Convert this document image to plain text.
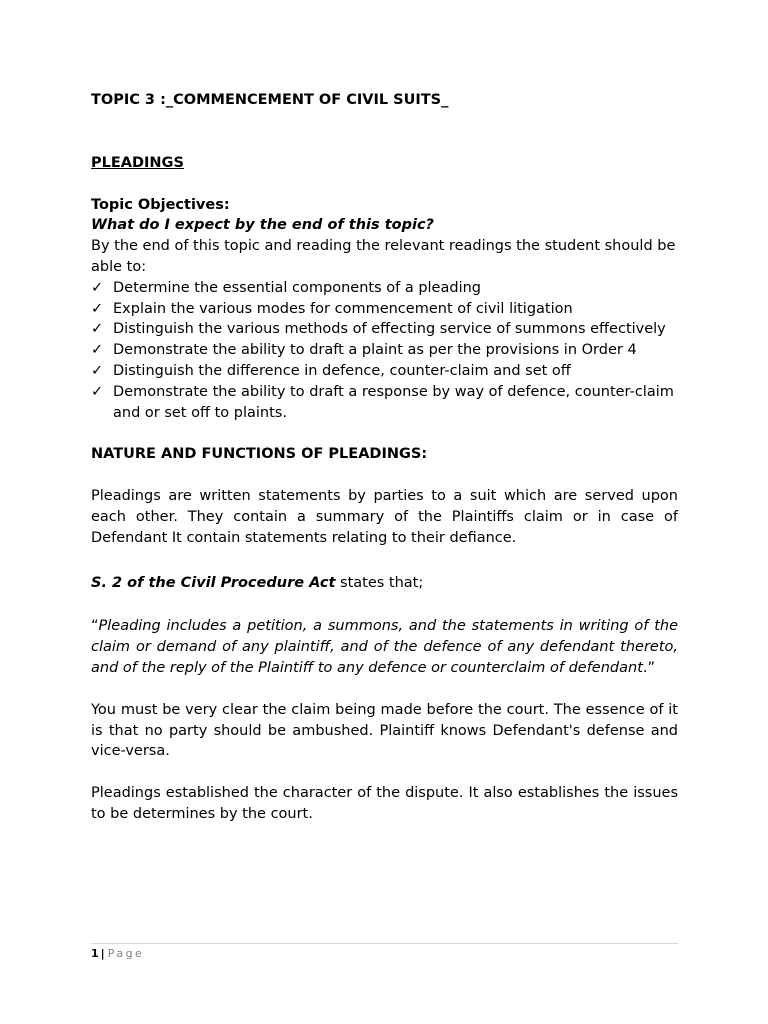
TOPIC 3 :_COMMENCEMENT OF CIVIL SUITS_

PLEADINGS

Topic Objectives:

What do I expect by the end of this topic?

By the end of this topic and reading the relevant readings the student should be able to:

✓ Determine the essential components of a pleading
✓ Explain the various modes for commencement of civil litigation
✓ Distinguish the various methods of effecting service of summons effectively
✓ Demonstrate the ability to draft a plaint as per the provisions in Order 4
✓ Distinguish the difference in defence, counter-claim and set off
✓ Demonstrate the ability to draft a response by way of defence, counter-claim and or set off to plaints.

NATURE AND FUNCTIONS OF PLEADINGS:

Pleadings are written statements by parties to a suit which are served upon each other. They contain a summary of the Plaintiffs claim or in case of Defendant It contain statements relating to their defiance.

S. 2 of the Civil Procedure Act states that;

“Pleading includes a petition, a summons, and the statements in writing of the claim or demand of any plaintiff, and of the defence of any defendant thereto, and of the reply of the Plaintiff to any defence or counterclaim of defendant.”

You must be very clear the claim being made before the court. The essence of it is that no party should be ambushed. Plaintiff knows Defendant's defense and vice-versa.

Pleadings established the character of the dispute. It also establishes the issues to be determines by the court.

1 | Page
